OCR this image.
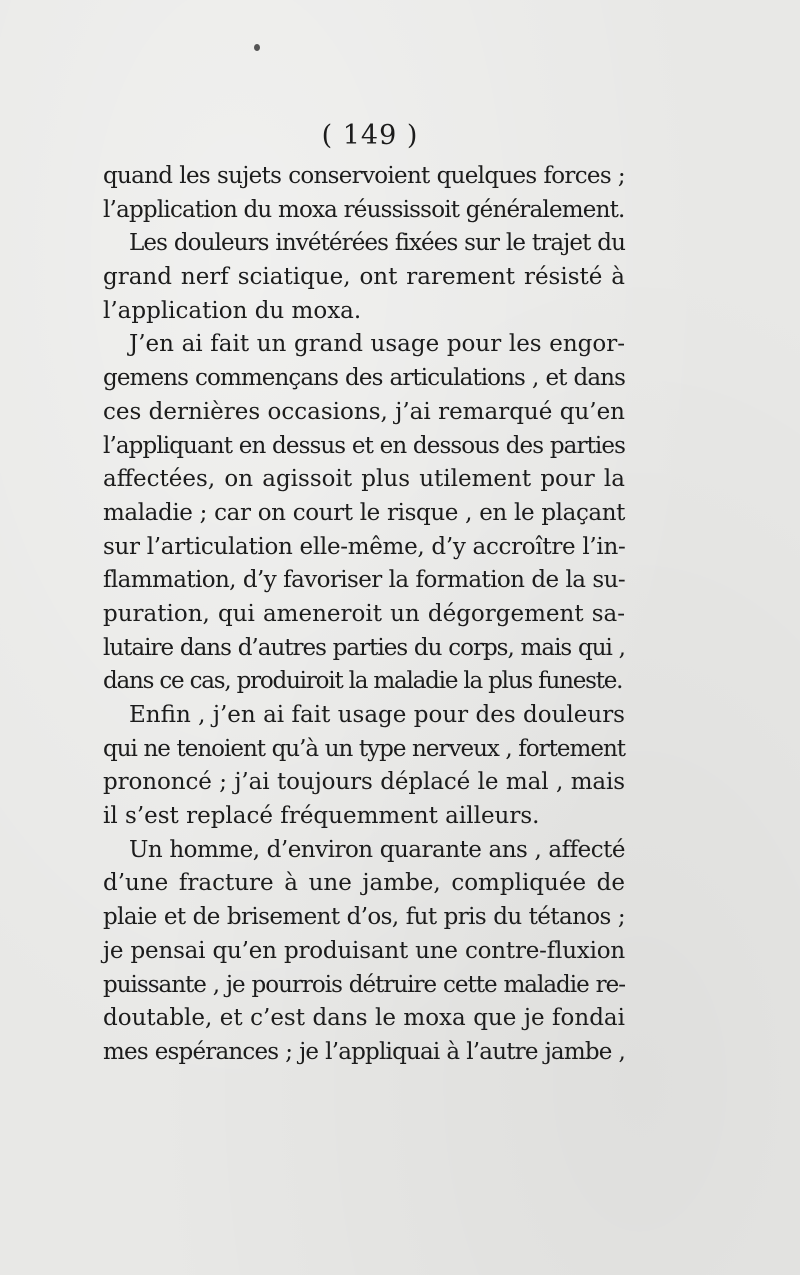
( 149 )
quand les sujets conservoient quelques forces ;
l’application du moxa réussissoit généralement.
Les douleurs invétérées fixées sur le trajet du
grand nerf sciatique, ont rarement résisté à
l’application du moxa.
J’en ai fait un grand usage pour les engor-
gemens commençans des articulations , et dans
ces dernières occasions, j’ai remarqué qu’en
l’appliquant en dessus et en dessous des parties
affectées, on agissoit plus utilement pour la
maladie ; car on court le risque , en le plaçant
sur l’articulation elle-même, d’y accroître l’in-
flammation, d’y favoriser la formation de la su-
puration, qui ameneroit un dégorgement sa-
lutaire dans d’autres parties du corps, mais qui ,
dans ce cas, produiroit la maladie la plus funeste.
Enfin , j’en ai fait usage pour des douleurs
qui ne tenoient qu’à un type nerveux , fortement
prononcé ; j’ai toujours déplacé le mal , mais
il s’est replacé fréquemment ailleurs.
Un homme, d’environ quarante ans , affecté
d’une fracture à une jambe, compliquée de
plaie et de brisement d’os, fut pris du tétanos ;
je pensai qu’en produisant une contre-fluxion
puissante , je pourrois détruire cette maladie re-
doutable, et c’est dans le moxa que je fondai
mes espérances ; je l’appliquai à l’autre jambe ,
